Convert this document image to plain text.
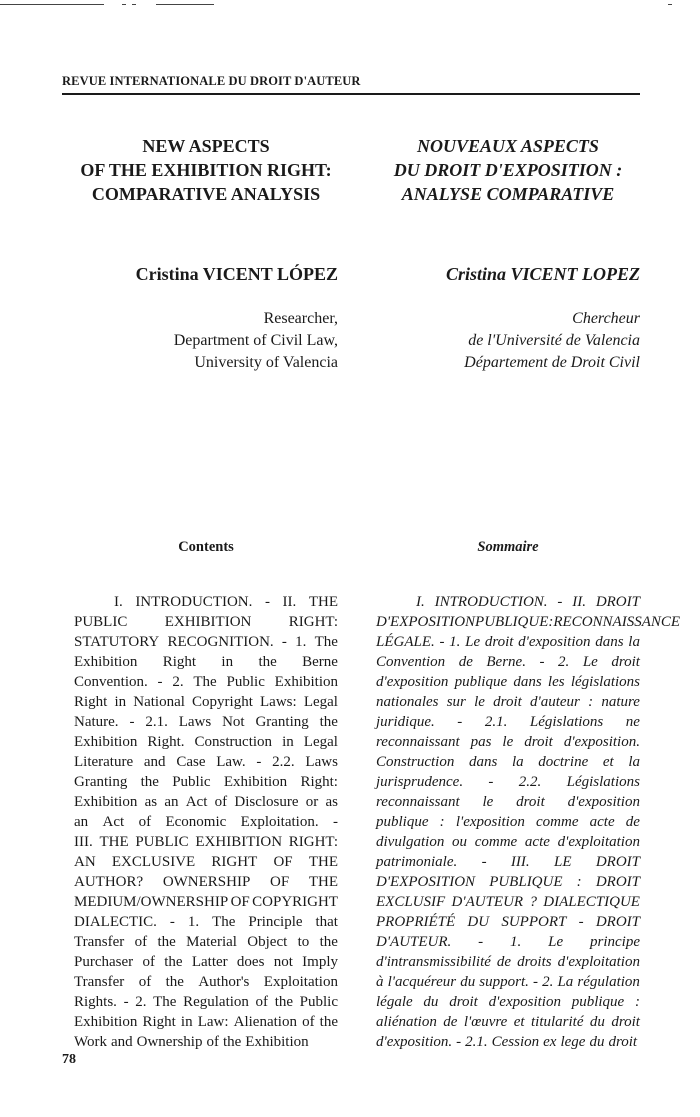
REVUE INTERNATIONALE DU DROIT D'AUTEUR
NEW ASPECTS
OF THE EXHIBITION RIGHT:
COMPARATIVE ANALYSIS
NOUVEAUX ASPECTS
DU DROIT D'EXPOSITION :
ANALYSE COMPARATIVE
Cristina VICENT LÓPEZ	Cristina VICENT LOPEZ
Researcher,
Department of Civil Law,
University of Valencia
Chercheur
de l'Université de Valencia
Département de Droit Civil
Contents	Sommaire
I. INTRODUCTION. - II. THE
PUBLIC EXHIBITION RIGHT:
STATUTORY RECOGNITION. - 1. The
Exhibition Right in the Berne
Convention. - 2. The Public Exhibition
Right in National Copyright Laws: Legal
Nature. - 2.1. Laws Not Granting the
Exhibition Right. Construction in Legal
Literature and Case Law. - 2.2. Laws
Granting the Public Exhibition Right:
Exhibition as an Act of Disclosure or as
an Act of Economic Exploitation. -
III. THE PUBLIC EXHIBITION RIGHT:
AN EXCLUSIVE RIGHT OF THE
AUTHOR? OWNERSHIP OF THE
MEDIUM/OWNERSHIP OF COPYRIGHT
DIALECTIC. - 1. The Principle that
Transfer of the Material Object to the
Purchaser of the Latter does not Imply
Transfer of the Author's Exploitation
Rights. - 2. The Regulation of the Public
Exhibition Right in Law: Alienation of the
Work and Ownership of the Exhibition
I. INTRODUCTION. - II. DROIT
D'EXPOSITION PUBLIQUE : RECONNAISSANCE
LÉGALE. - 1. Le droit d'exposition dans la
Convention de Berne. - 2. Le droit
d'exposition publique dans les législations
nationales sur le droit d'auteur : nature
juridique. - 2.1. Législations ne
reconnaissant pas le droit d'exposition.
Construction dans la doctrine et la
jurisprudence. - 2.2. Législations
reconnaissant le droit d'exposition
publique : l'exposition comme acte de
divulgation ou comme acte d'exploitation
patrimoniale. - III. LE DROIT
D'EXPOSITION PUBLIQUE : DROIT
EXCLUSIF D'AUTEUR ? DIALECTIQUE
PROPRIÉTÉ DU SUPPORT - DROIT
D'AUTEUR. - 1. Le principe
d'intransmissibilité de droits d'exploitation
à l'acquéreur du support. - 2. La régulation
légale du droit d'exposition publique :
aliénation de l'œuvre et titularité du droit
d'exposition. - 2.1. Cession ex lege du droit
78
